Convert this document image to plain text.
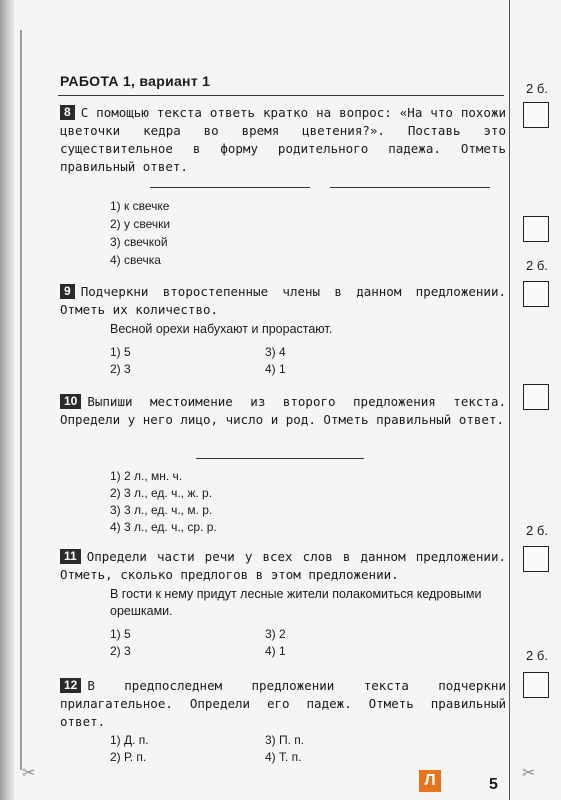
РАБОТА 1, вариант 1
8 С помощью текста ответь кратко на вопрос: «На что похожи цветочки кедра во время цветения?». Поставь это существительное в форму родительного падежа. Отметь правильный ответ.
1) к свечке
2) у свечки
3) свечкой
4) свечка
9 Подчеркни второстепенные члены в данном предложении. Отметь их количество.
Весной орехи набухают и прорастают.
1) 5	3) 4
2) 3	4) 1
10 Выпиши местоимение из второго предложения текста. Определи у него лицо, число и род. Отметь правильный ответ.
1) 2 л., мн. ч.
2) 3 л., ед. ч., ж. р.
3) 3 л., ед. ч., м. р.
4) 3 л., ед. ч., ср. р.
11 Определи части речи у всех слов в данном предложении. Отметь, сколько предлогов в этом предложении.
В гости к нему придут лесные жители полакомиться кедровыми орешками.
1) 5	3) 2
2) 3	4) 1
12 В предпоследнем предложении текста подчеркни прилагательное. Определи его падеж. Отметь правильный ответ.
1) Д. п.	3) П. п.
2) Р. п.	4) Т. п.
2 б.
2 б.
2 б.
2 б.
✂	✂
Л	5
